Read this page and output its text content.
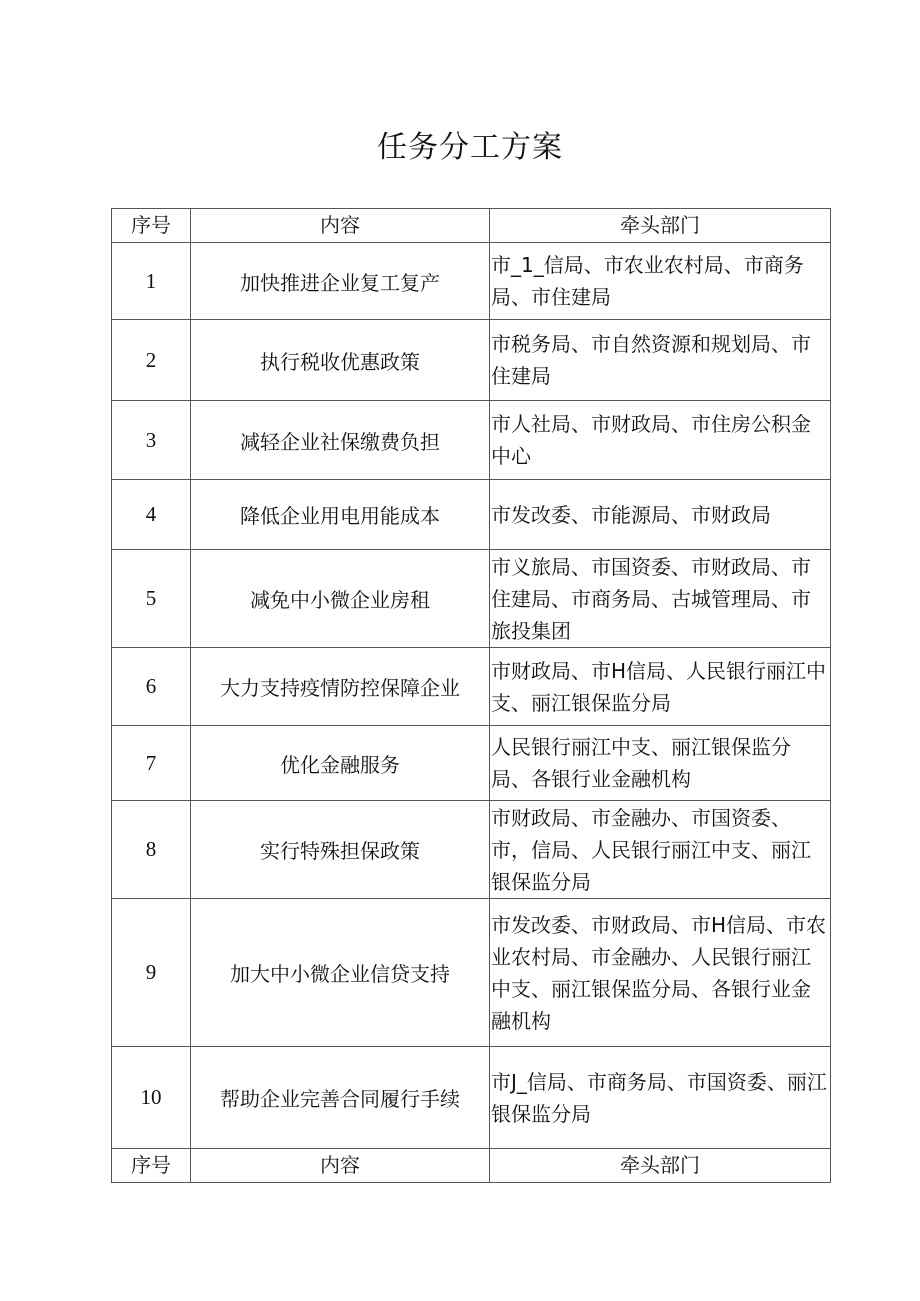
任务分工方案
序号	内容	牵头部门
1	加快推进企业复工复产	市_1_信局、市农业农村局、市商务局、市住建局
2	执行税收优惠政策	市税务局、市自然资源和规划局、市住建局
3	减轻企业社保缴费负担	市人社局、市财政局、市住房公积金中心
4	降低企业用电用能成本	市发改委、市能源局、市财政局
5	减免中小微企业房租	市义旅局、市国资委、市财政局、市住建局、市商务局、古城管理局、市旅投集团
6	大力支持疫情防控保障企业	市财政局、市H信局、人民银行丽江中支、丽江银保监分局
7	优化金融服务	人民银行丽江中支、丽江银保监分局、各银行业金融机构
8	实行特殊担保政策	市财政局、市金融办、市国资委、市，信局、人民银行丽江中支、丽江银保监分局
9	加大中小微企业信贷支持	市发改委、市财政局、市H信局、市农业农村局、市金融办、人民银行丽江中支、丽江银保监分局、各银行业金融机构
10	帮助企业完善合同履行手续	市J_信局、市商务局、市国资委、丽江银保监分局
序号	内容	牵头部门
